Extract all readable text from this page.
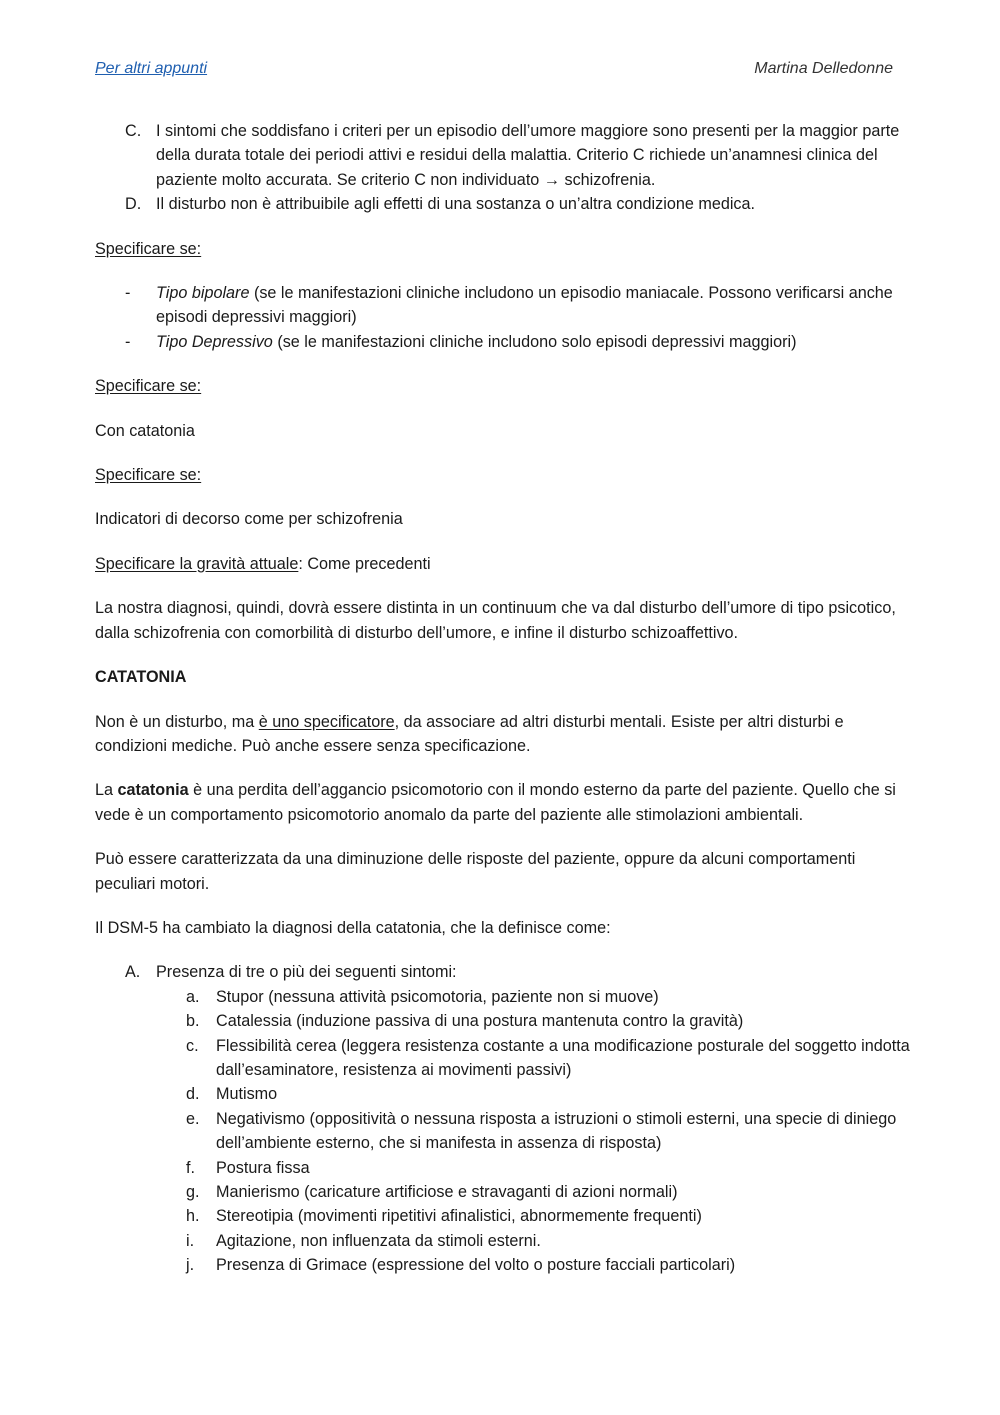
Per altri appunti	Martina Delledonne
C. I sintomi che soddisfano i criteri per un episodio dell’umore maggiore sono presenti per la maggior parte della durata totale dei periodi attivi e residui della malattia. Criterio C richiede un’anamnesi clinica del paziente molto accurata. Se criterio C non individuato → schizofrenia.
D. Il disturbo non è attribuibile agli effetti di una sostanza o un’altra condizione medica.

Specificare se:

- Tipo bipolare (se le manifestazioni cliniche includono un episodio maniacale. Possono verificarsi anche episodi depressivi maggiori)
- Tipo Depressivo (se le manifestazioni cliniche includono solo episodi depressivi maggiori)

Specificare se:

Con catatonia

Specificare se:

Indicatori di decorso come per schizofrenia

Specificare la gravità attuale: Come precedenti

La nostra diagnosi, quindi, dovrà essere distinta in un continuum che va dal disturbo dell’umore di tipo psicotico, dalla schizofrenia con comorbilità di disturbo dell’umore, e infine il disturbo schizoaffettivo.

CATATONIA

Non è un disturbo, ma è uno specificatore, da associare ad altri disturbi mentali. Esiste per altri disturbi e condizioni mediche. Può anche essere senza specificazione.

La catatonia è una perdita dell’aggancio psicomotorio con il mondo esterno da parte del paziente. Quello che si vede è un comportamento psicomotorio anomalo da parte del paziente alle stimolazioni ambientali.

Può essere caratterizzata da una diminuzione delle risposte del paziente, oppure da alcuni comportamenti peculiari motori.

Il DSM-5 ha cambiato la diagnosi della catatonia, che la definisce come:

A. Presenza di tre o più dei seguenti sintomi:
a. Stupor (nessuna attività psicomotoria, paziente non si muove)
b. Catalessia (induzione passiva di una postura mantenuta contro la gravità)
c. Flessibilità cerea (leggera resistenza costante a una modificazione posturale del soggetto indotta dall’esaminatore, resistenza ai movimenti passivi)
d. Mutismo
e. Negativismo (oppositività o nessuna risposta a istruzioni o stimoli esterni, una specie di diniego dell’ambiente esterno, che si manifesta in assenza di risposta)
f. Postura fissa
g. Manierismo (caricature artificiose e stravaganti di azioni normali)
h. Stereotipia (movimenti ripetitivi afinalistici, abnormemente frequenti)
i. Agitazione, non influenzata da stimoli esterni.
j. Presenza di Grimace (espressione del volto o posture facciali particolari)
